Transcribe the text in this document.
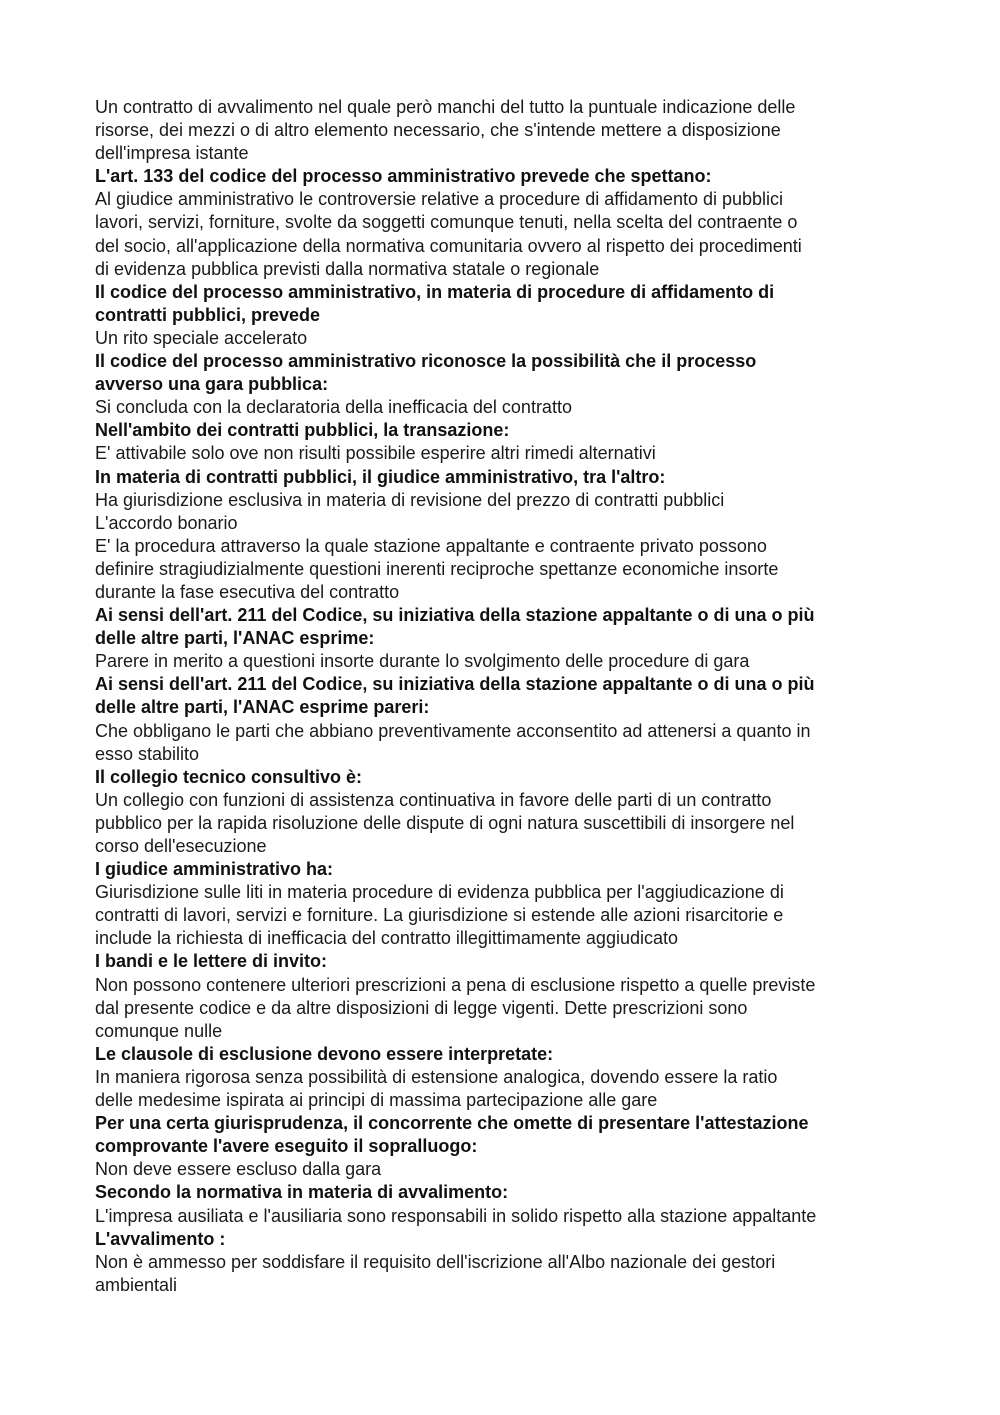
Un contratto di avvalimento nel quale però manchi del tutto la puntuale indicazione delle
risorse, dei mezzi o di altro elemento necessario, che s'intende mettere a disposizione
dell'impresa istante
L'art. 133 del codice del processo amministrativo prevede che spettano:
Al giudice amministrativo le controversie relative a procedure di affidamento di pubblici
lavori, servizi, forniture, svolte da soggetti comunque tenuti, nella scelta del contraente o
del socio, all'applicazione della normativa comunitaria ovvero al rispetto dei procedimenti
di evidenza pubblica previsti dalla normativa statale o regionale
Il codice del processo amministrativo, in materia di procedure di affidamento di
contratti pubblici, prevede
Un rito speciale accelerato
Il codice del processo amministrativo riconosce la possibilità che il processo
avverso una gara pubblica:
Si concluda con la declaratoria della inefficacia del contratto
Nell'ambito dei contratti pubblici, la transazione:
E' attivabile solo ove non risulti possibile esperire altri rimedi alternativi
In materia di contratti pubblici, il giudice amministrativo, tra l'altro:
Ha giurisdizione esclusiva in materia di revisione del prezzo di contratti pubblici
L'accordo bonario
E' la procedura attraverso la quale stazione appaltante e contraente privato possono
definire stragiudizialmente questioni inerenti reciproche spettanze economiche insorte
durante la fase esecutiva del contratto
Ai sensi dell'art. 211 del Codice, su iniziativa della stazione appaltante o di una o più
delle altre parti, l'ANAC esprime:
Parere in merito a questioni insorte durante lo svolgimento delle procedure di gara
Ai sensi dell'art. 211 del Codice, su iniziativa della stazione appaltante o di una o più
delle altre parti, l'ANAC esprime pareri:
Che obbligano le parti che abbiano preventivamente acconsentito ad attenersi a quanto in
esso stabilito
Il collegio tecnico consultivo è:
Un collegio con funzioni di assistenza continuativa in favore delle parti di un contratto
pubblico per la rapida risoluzione delle dispute di ogni natura suscettibili di insorgere nel
corso dell'esecuzione
I giudice amministrativo ha:
Giurisdizione sulle liti in materia procedure di evidenza pubblica per l'aggiudicazione di
contratti di lavori, servizi e forniture. La giurisdizione si estende alle azioni risarcitorie e
include la richiesta di inefficacia del contratto illegittimamente aggiudicato
I bandi e le lettere di invito:
Non possono contenere ulteriori prescrizioni a pena di esclusione rispetto a quelle previste
dal presente codice e da altre disposizioni di legge vigenti. Dette prescrizioni sono
comunque nulle
Le clausole di esclusione devono essere interpretate:
In maniera rigorosa senza possibilità di estensione analogica, dovendo essere la ratio
delle medesime ispirata ai principi di massima partecipazione alle gare
Per una certa giurisprudenza, il concorrente che omette di presentare l'attestazione
comprovante l'avere eseguito il sopralluogo:
Non deve essere escluso dalla gara
Secondo la normativa in materia di avvalimento:
L'impresa ausiliata e l'ausiliaria sono responsabili in solido rispetto alla stazione appaltante
L'avvalimento :
Non è ammesso per soddisfare il requisito dell'iscrizione all'Albo nazionale dei gestori
ambientali
